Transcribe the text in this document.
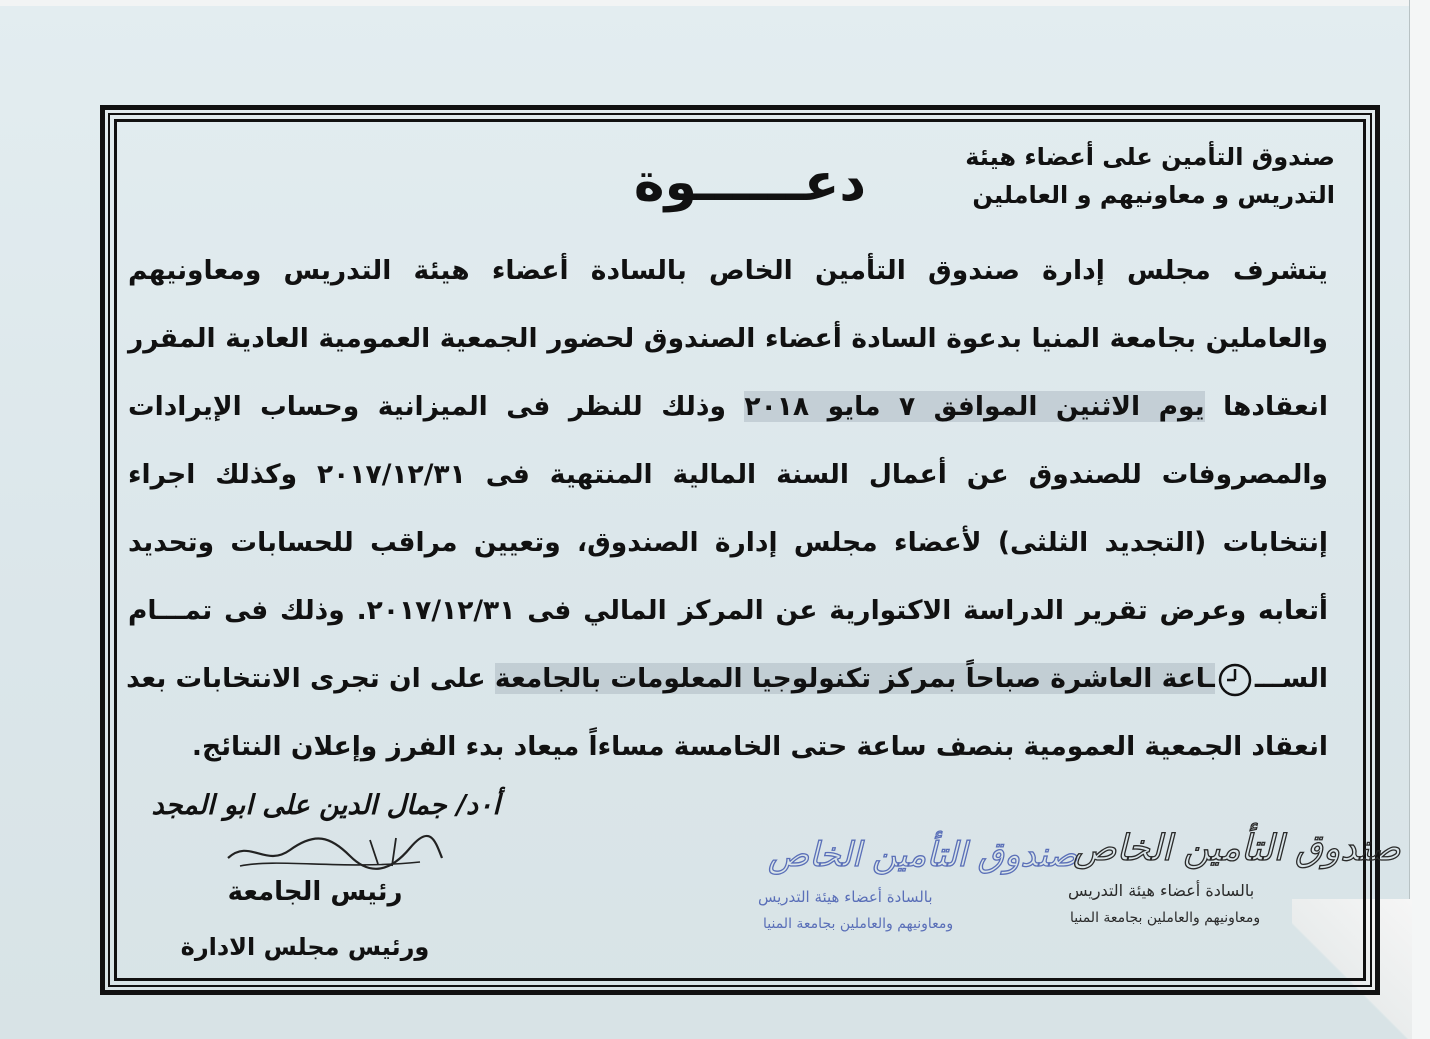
صندوق التأمين على أعضاء هيئة
التدريس و معاونيهم و العاملين
دعــــــوة
يتشرف مجلس إدارة صندوق التأمين الخاص بالسادة أعضاء هيئة التدريس ومعاونيهم
والعاملين بجامعة المنيا بدعوة السادة أعضاء الصندوق لحضور الجمعية العمومية العادية المقرر
انعقادها يوم الاثنين الموافق ٧ مايو ٢٠١٨ وذلك للنظر فى الميزانية وحساب الإيرادات
والمصروفات للصندوق عن أعمال السنة المالية المنتهية فى ٢٠١٧/١٢/٣١ وكذلك اجراء
إنتخابات (التجديد الثلثى) لأعضاء مجلس إدارة الصندوق، وتعيين مراقب للحسابات وتحديد
أتعابه وعرض تقرير الدراسة الاكتوارية عن المركز المالي فى ٢٠١٧/١٢/٣١. وذلك فى تمـــام
الســــاعة العاشرة صباحاً بمركز تكنولوجيا المعلومات بالجامعة على ان تجرى الانتخابات بعد
انعقاد الجمعية العمومية بنصف ساعة حتى الخامسة مساءاً ميعاد بدء الفرز وإعلان النتائج.
أ٠د/ جمال الدين على ابو المجد
رئيس الجامعة
ورئيس مجلس الادارة
صندوق التأمين الخاص
بالسادة أعضاء هيئة التدريس
ومعاونيهم والعاملين بجامعة المنيا
صندوق التأمين الخاص
بالسادة أعضاء هيئة التدريس
ومعاونيهم والعاملين بجامعة المنيا
